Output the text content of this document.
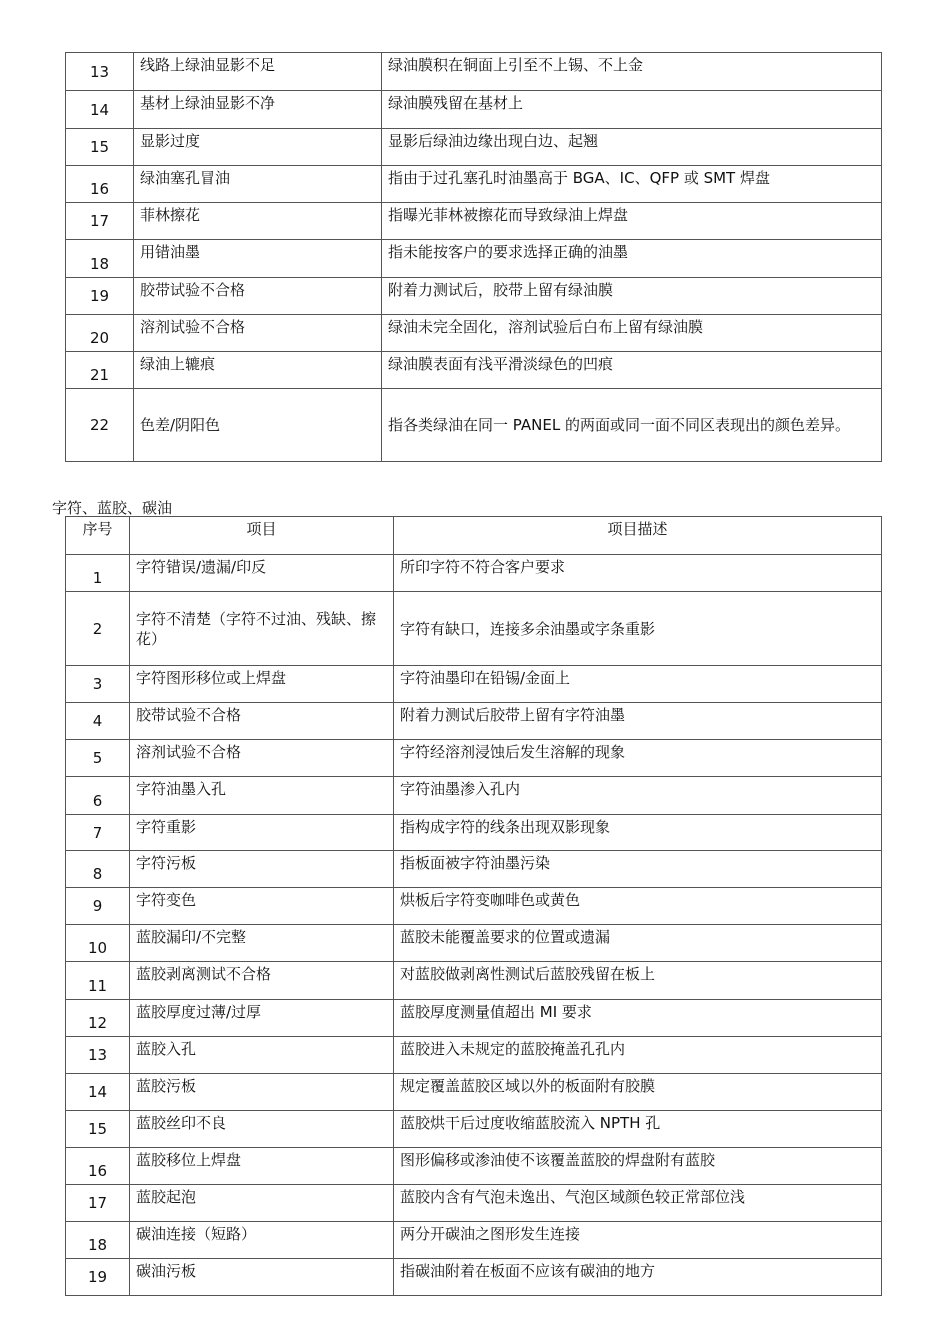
13	线路上绿油显影不足	绿油膜积在铜面上引至不上锡、不上金

14	基材上绿油显影不净	绿油膜残留在基材上

15	显影过度	显影后绿油边缘出现白边、起翘

16	绿油塞孔冒油	指由于过孔塞孔时油墨高于 BGA、IC、QFP 或 SMT 焊盘

17	菲林擦花	指曝光菲林被擦花而导致绿油上焊盘

18	用错油墨	指未能按客户的要求选择正确的油墨

19	胶带试验不合格	附着力测试后，胶带上留有绿油膜

20	溶剂试验不合格	绿油未完全固化，溶剂试验后白布上留有绿油膜

21	绿油上辘痕	绿油膜表面有浅平滑淡绿色的凹痕

22	色差/阴阳色	指各类绿油在同一 PANEL 的两面或同一面不同区表现出的颜色差异。
字符、蓝胶、碳油
序号	项目	项目描述
1	字符错误/遗漏/印反	所印字符不符合客户要求

2	字符不清楚（字符不过油、残缺、擦花）	字符有缺口，连接多余油墨或字条重影

3	字符图形移位或上焊盘	字符油墨印在铅锡/金面上

4	胶带试验不合格	附着力测试后胶带上留有字符油墨

5	溶剂试验不合格	字符经溶剂浸蚀后发生溶解的现象

6	字符油墨入孔	字符油墨渗入孔内

7	字符重影	指构成字符的线条出现双影现象

8	字符污板	指板面被字符油墨污染

9	字符变色	烘板后字符变咖啡色或黄色

10	蓝胶漏印/不完整	蓝胶未能覆盖要求的位置或遗漏

11	蓝胶剥离测试不合格	对蓝胶做剥离性测试后蓝胶残留在板上

12	蓝胶厚度过薄/过厚	蓝胶厚度测量值超出 MI 要求

13	蓝胶入孔	蓝胶进入未规定的蓝胶掩盖孔孔内

14	蓝胶污板	规定覆盖蓝胶区域以外的板面附有胶膜

15	蓝胶丝印不良	蓝胶烘干后过度收缩蓝胶流入 NPTH 孔

16	蓝胶移位上焊盘	图形偏移或渗油使不该覆盖蓝胶的焊盘附有蓝胶

17	蓝胶起泡	蓝胶内含有气泡未逸出、气泡区域颜色较正常部位浅

18	碳油连接（短路）	两分开碳油之图形发生连接

19	碳油污板	指碳油附着在板面不应该有碳油的地方
